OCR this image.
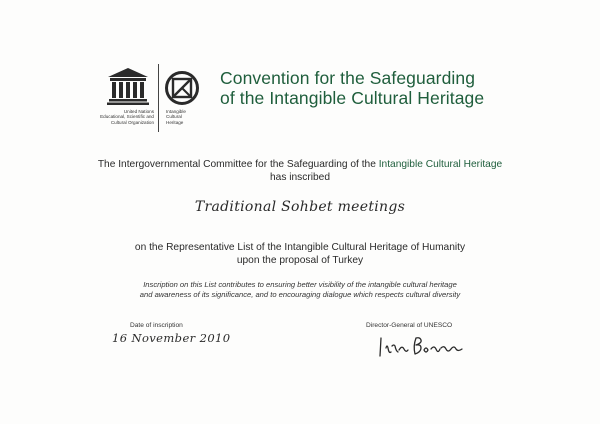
United Nations
Educational, Scientific and
Cultural Organization
Intangible
Cultural
Heritage
Convention for the Safeguarding
of the Intangible Cultural Heritage
The Intergovernmental Committee for the Safeguarding of the Intangible Cultural Heritage
has inscribed
Traditional Sohbet meetings
on the Representative List of the Intangible Cultural Heritage of Humanity
upon the proposal of Turkey
Inscription on this List contributes to ensuring better visibility of the intangible cultural heritage
and awareness of its significance, and to encouraging dialogue which respects cultural diversity
Date of inscription
16 November 2010
Director-General of UNESCO
